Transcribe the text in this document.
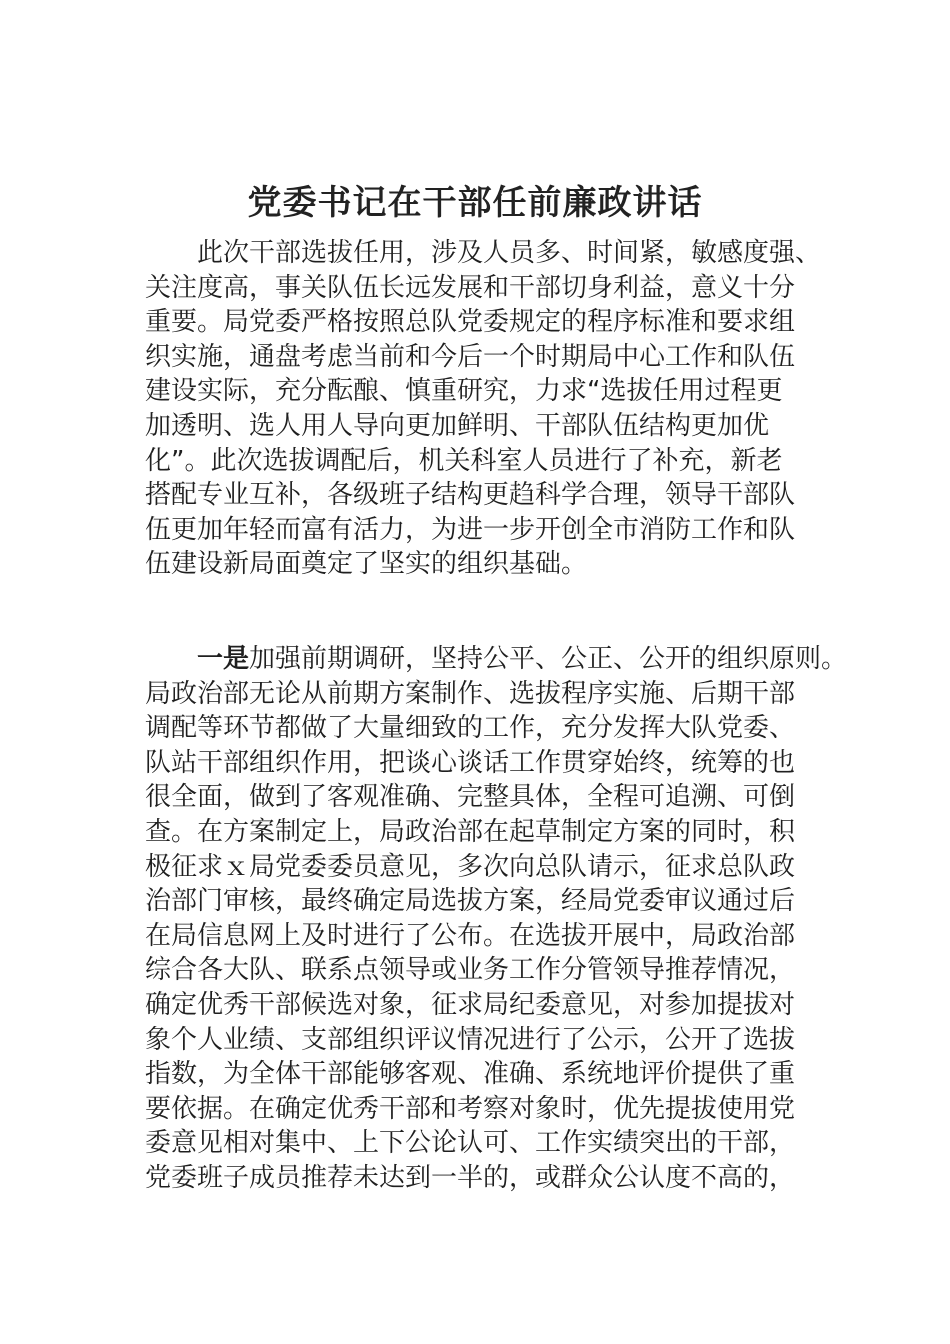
党委书记在干部任前廉政讲话

　　此次干部选拔任用，涉及人员多、时间紧，敏感度强、
关注度高，事关队伍长远发展和干部切身利益，意义十分
重要。局党委严格按照总队党委规定的程序标准和要求组
织实施，通盘考虑当前和今后一个时期局中心工作和队伍
建设实际，充分酝酿、慎重研究，力求“选拔任用过程更
加透明、选人用人导向更加鲜明、干部队伍结构更加优
化”。此次选拔调配后，机关科室人员进行了补充，新老
搭配专业互补，各级班子结构更趋科学合理，领导干部队
伍更加年轻而富有活力，为进一步开创全市消防工作和队
伍建设新局面奠定了坚实的组织基础。

　　一是加强前期调研，坚持公平、公正、公开的组织原则。
局政治部无论从前期方案制作、选拔程序实施、后期干部
调配等环节都做了大量细致的工作，充分发挥大队党委、
队站干部组织作用，把谈心谈话工作贯穿始终，统筹的也
很全面，做到了客观准确、完整具体，全程可追溯、可倒
查。在方案制定上，局政治部在起草制定方案的同时，积
极征求ｘ局党委委员意见，多次向总队请示，征求总队政
治部门审核，最终确定局选拔方案，经局党委审议通过后
在局信息网上及时进行了公布。在选拔开展中，局政治部
综合各大队、联系点领导或业务工作分管领导推荐情况，
确定优秀干部候选对象，征求局纪委意见，对参加提拔对
象个人业绩、支部组织评议情况进行了公示，公开了选拔
指数，为全体干部能够客观、准确、系统地评价提供了重
要依据。在确定优秀干部和考察对象时，优先提拔使用党
委意见相对集中、上下公论认可、工作实绩突出的干部，
党委班子成员推荐未达到一半的，或群众公认度不高的，
